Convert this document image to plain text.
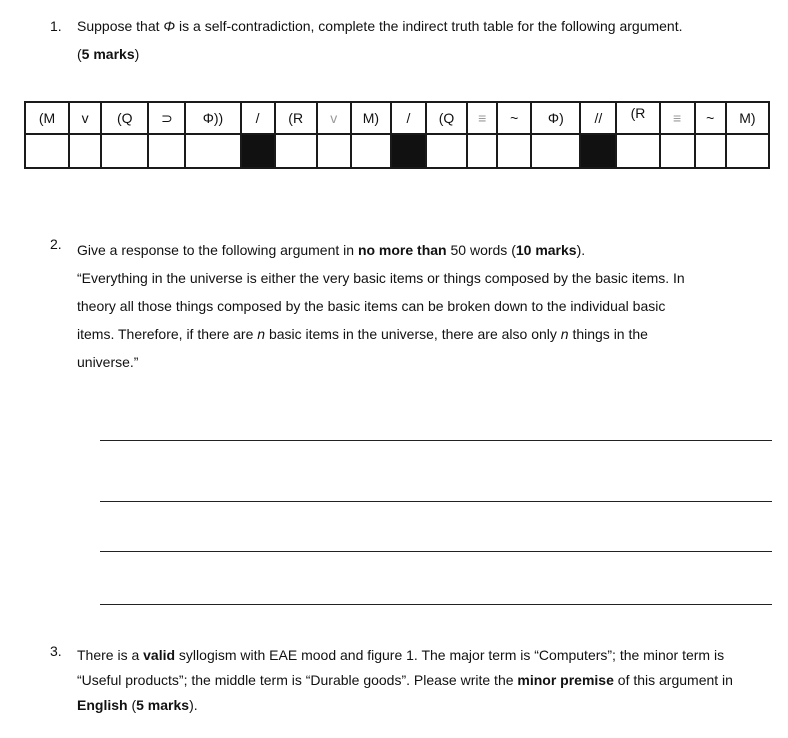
1. Suppose that Φ is a self-contradiction, complete the indirect truth table for the following argument.
(5 marks)
(M	v	(Q	⊃	Φ))	/	(R	v	M)	/	(Q	≡	~	Φ)	//	(R	≡	~	M)

2. Give a response to the following argument in no more than 50 words (10 marks).
“Everything in the universe is either the very basic items or things composed by the basic items. In
theory all those things composed by the basic items can be broken down to the individual basic
items. Therefore, if there are n basic items in the universe, there are also only n things in the
universe.”
3. There is a valid syllogism with EAE mood and figure 1. The major term is “Computers”; the minor term is
“Useful products”; the middle term is “Durable goods”. Please write the minor premise of this argument in
English (5 marks).
